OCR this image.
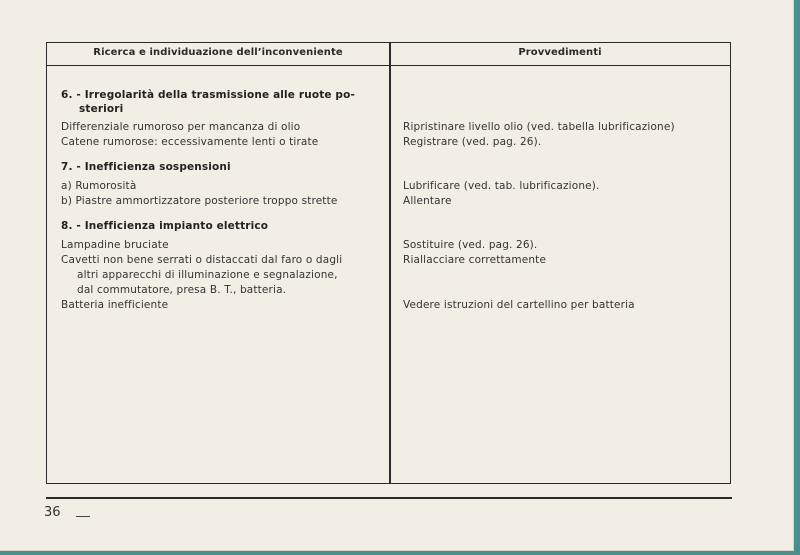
Ricerca e individuazione dell’inconveniente	Provvedimenti
6. - Irregolarità della trasmissione alle ruote po-
steriori
Differenziale rumoroso per mancanza di olio
Catene rumorose: eccessivamente lenti o tirate
Ripristinare livello olio (ved. tabella lubrificazione)
Registrare (ved. pag. 26).
7. - Inefficienza sospensioni
a) Rumorosità
b) Piastre ammortizzatore posteriore troppo strette
Lubrificare (ved. tab. lubrificazione).
Allentare
8. - Inefficienza impianto elettrico
Lampadine bruciate
Cavetti non bene serrati o distaccati dal faro o dagli
altri apparecchi di illuminazione e segnalazione,
dal commutatore, presa B. T., batteria.
Batteria inefficiente
Sostituire (ved. pag. 26).
Riallacciare correttamente
Vedere istruzioni del cartellino per batteria
36
